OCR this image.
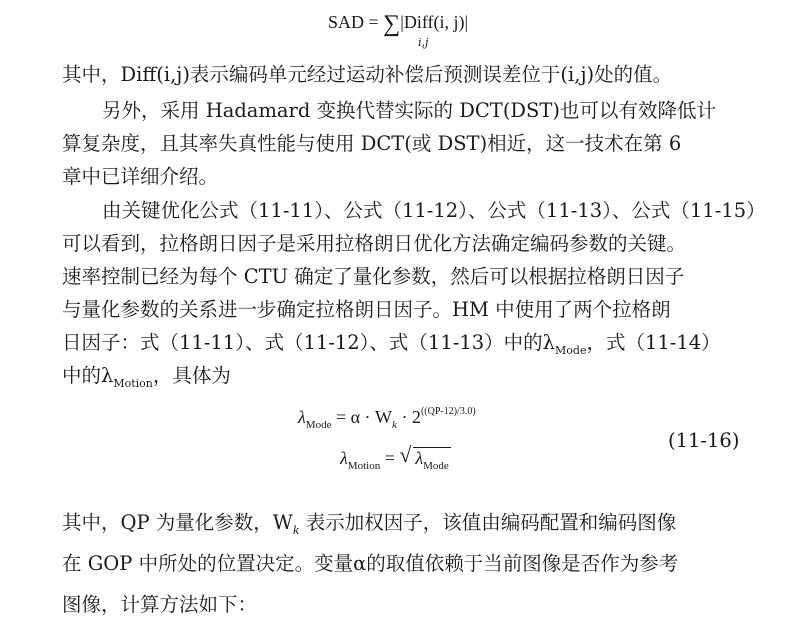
SAD = ∑|Diff(i, j)|
i,j
其中，Diff(i,j)表示编码单元经过运动补偿后预测误差位于(i,j)处的值。
另外，采用 Hadamard 变换代替实际的 DCT(DST)也可以有效降低计
算复杂度，且其率失真性能与使用 DCT(或 DST)相近，这一技术在第 6
章中已详细介绍。
由关键优化公式（11-11）、公式（11-12）、公式（11-13）、公式（11-15）
可以看到，拉格朗日因子是采用拉格朗日优化方法确定编码参数的关键。
速率控制已经为每个 CTU 确定了量化参数，然后可以根据拉格朗日因子
与量化参数的关系进一步确定拉格朗日因子。HM 中使用了两个拉格朗
日因子：式（11-11）、式（11-12）、式（11-13）中的$\lambda_{Mode}$，式（11-14）
中的$\lambda_{Motion}$，具体为
$\lambda_{Mode} = \alpha \cdot W_k \cdot 2^{((QP-12)/3.0)}$
$\lambda_{Motion}$ = √ $\lambda_{Mode}$
(11-16)
其中，QP 为量化参数，$W_k$ 表示加权因子，该值由编码配置和编码图像
在 GOP 中所处的位置决定。变量α的取值依赖于当前图像是否作为参考
图像，计算方法如下：
